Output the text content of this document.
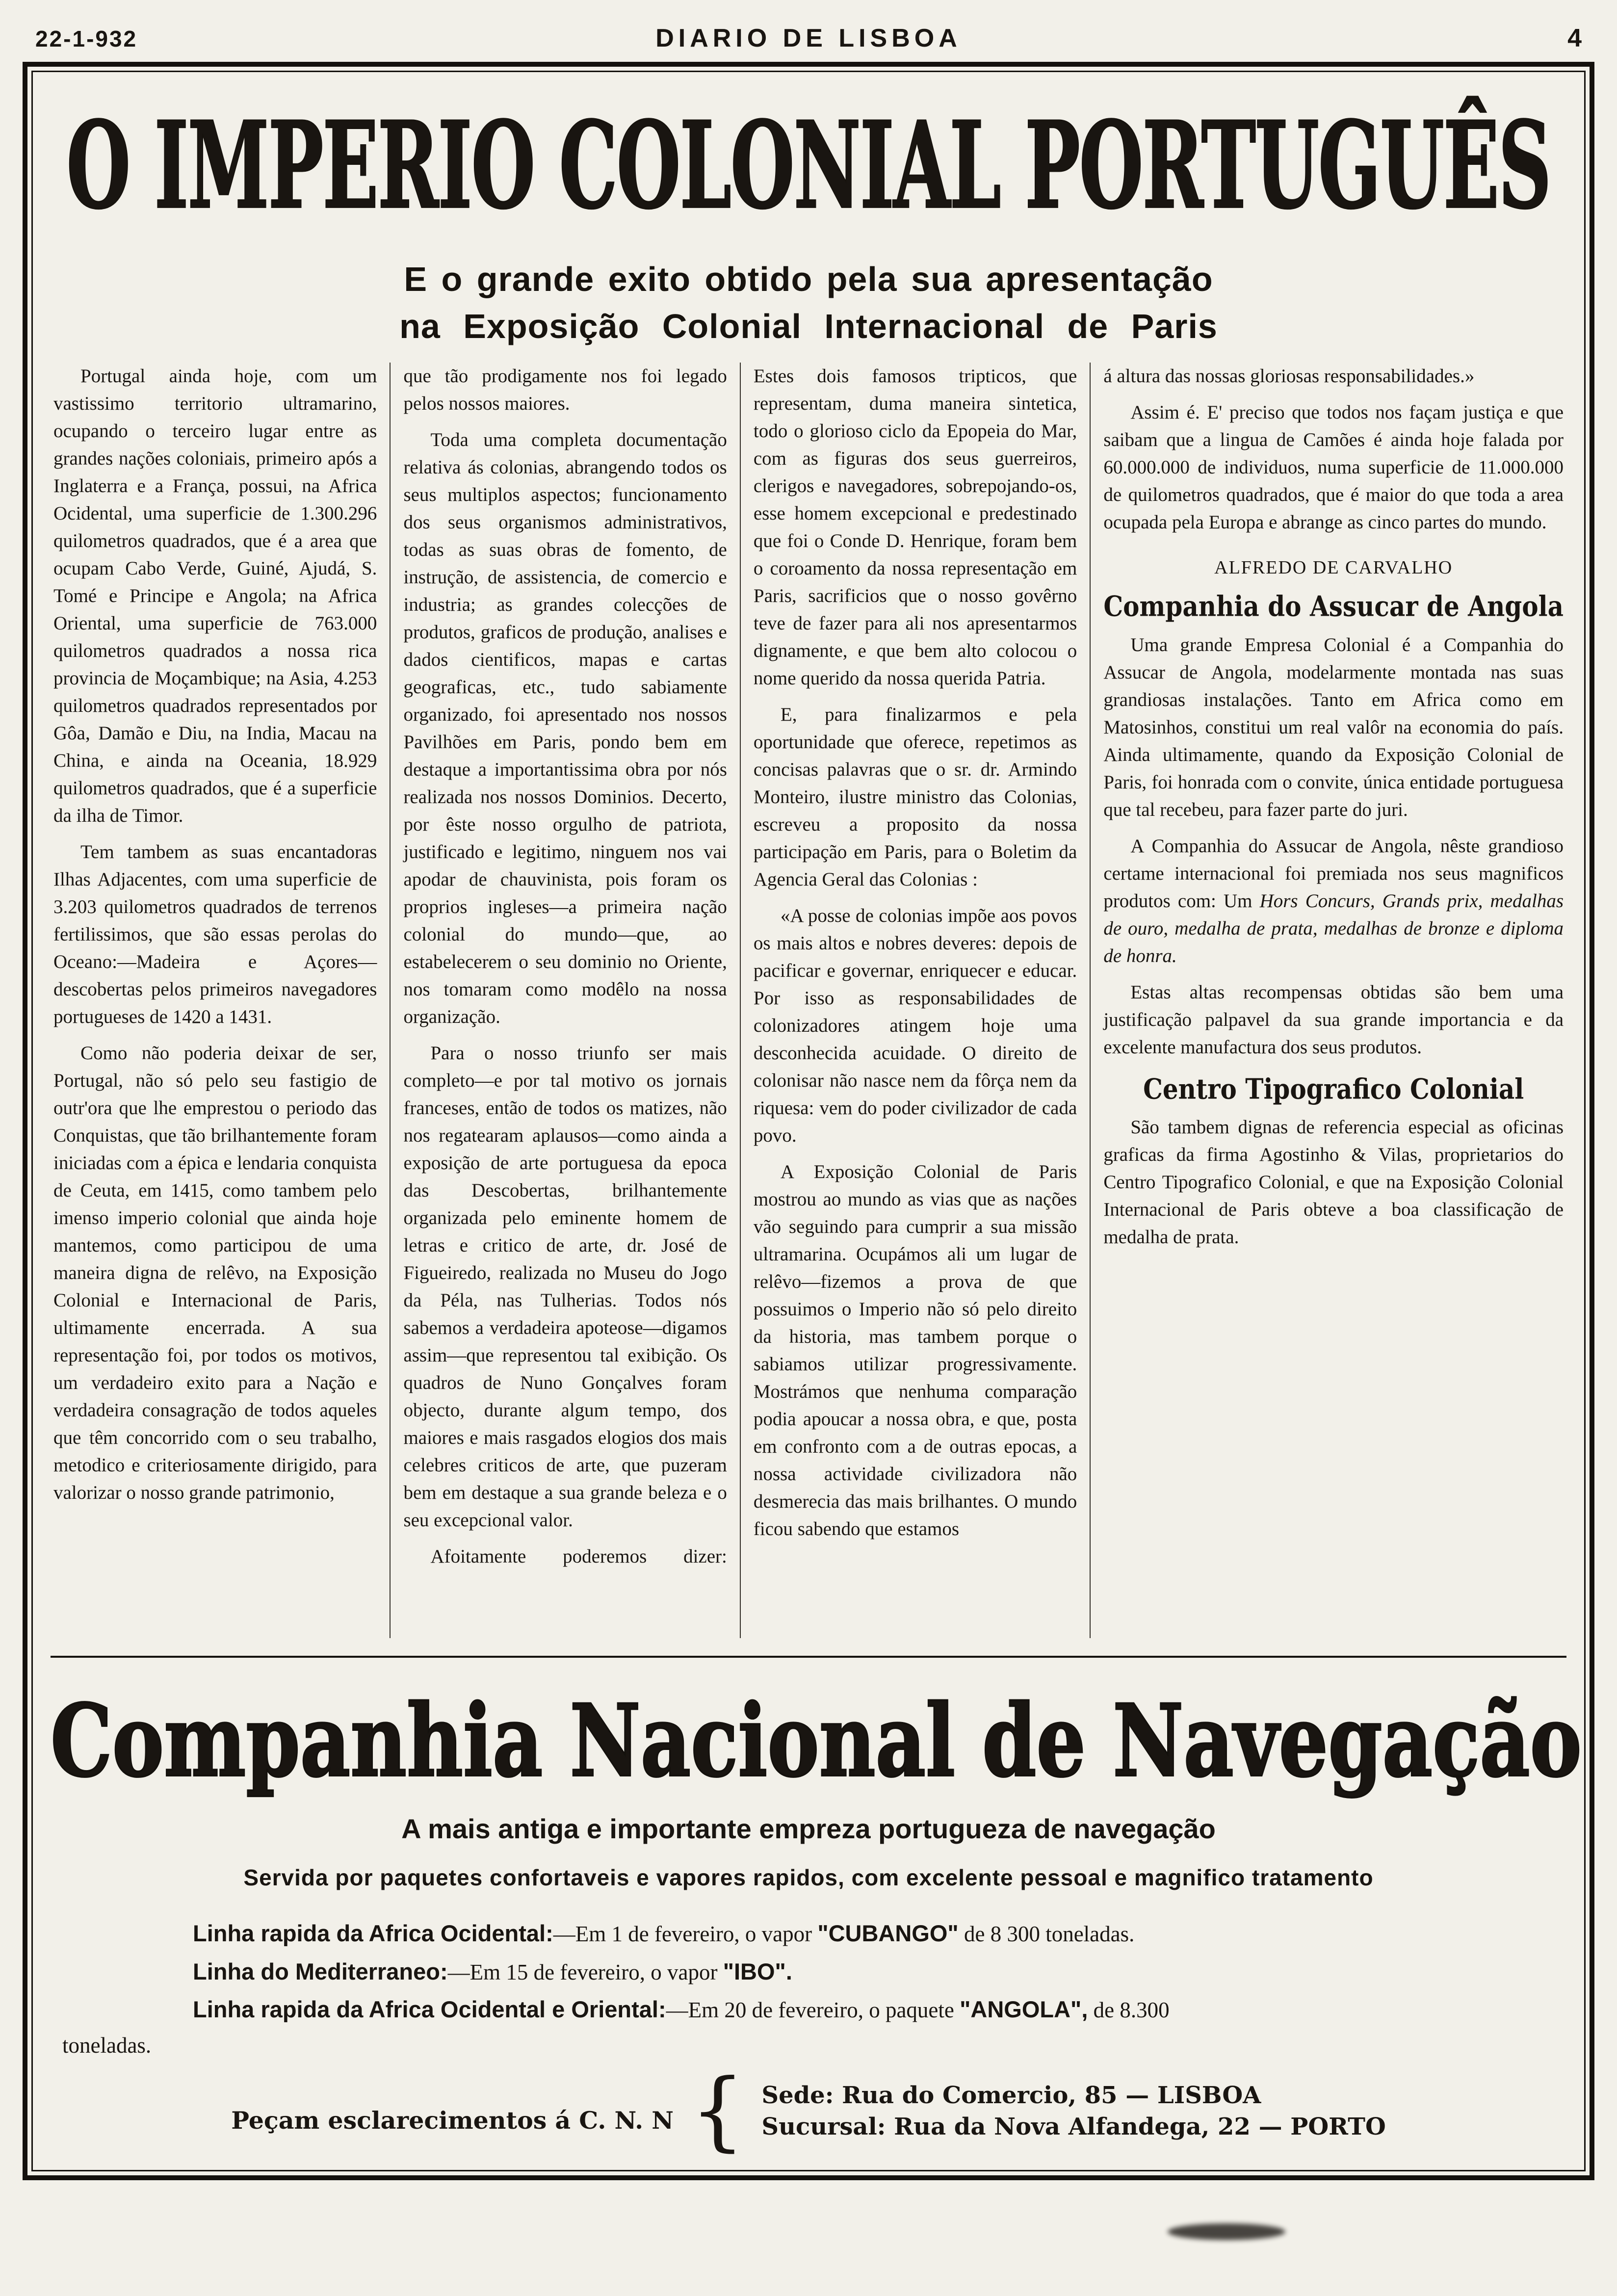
22-1-932	DIARIO DE LISBOA	4
O IMPERIO COLONIAL PORTUGUÊS
E o grande exito obtido pela sua apresentação
na Exposição Colonial Internacional de Paris

Portugal ainda hoje, com um vastissimo territorio ultramarino, ocupando o terceiro lugar entre as grandes nações coloniais, primeiro após a Inglaterra e a França, possui, na Africa Ocidental, uma superficie de 1.300.296 quilometros quadrados, que é a area que ocupam Cabo Verde, Guiné, Ajudá, S. Tomé e Principe e Angola; na Africa Oriental, uma superficie de 763.000 quilometros quadrados a nossa rica provincia de Moçambique; na Asia, 4.253 quilometros quadrados representados por Gôa, Damão e Diu, na India, Macau na China, e ainda na Oceania, 18.929 quilometros quadrados, que é a superficie da ilha de Timor.

Tem tambem as suas encantadoras Ilhas Adjacentes, com uma superficie de 3.203 quilometros quadrados de terrenos fertilissimos, que são essas perolas do Oceano:—Madeira e Açores—descobertas pelos primeiros navegadores portugueses de 1420 a 1431.

Como não poderia deixar de ser, Portugal, não só pelo seu fastigio de outr'ora que lhe emprestou o periodo das Conquistas, que tão brilhantemente foram iniciadas com a épica e lendaria conquista de Ceuta, em 1415, como tambem pelo imenso imperio colonial que ainda hoje mantemos, como participou de uma maneira digna de relêvo, na Exposição Colonial e Internacional de Paris, ultimamente encerrada. A sua representação foi, por todos os motivos, um verdadeiro exito para a Nação e verdadeira consagração de todos aqueles que têm concorrido com o seu trabalho, metodico e criteriosamente dirigido, para valorizar o nosso grande patrimonio,

que tão prodigamente nos foi legado pelos nossos maiores.

Toda uma completa documentação relativa ás colonias, abrangendo todos os seus multiplos aspectos; funcionamento dos seus organismos administrativos, todas as suas obras de fomento, de instrução, de assistencia, de comercio e industria; as grandes colecções de produtos, graficos de produção, analises e dados cientificos, mapas e cartas geograficas, etc., tudo sabiamente organizado, foi apresentado nos nossos Pavilhões em Paris, pondo bem em destaque a importantissima obra por nós realizada nos nossos Dominios. Decerto, por êste nosso orgulho de patriota, justificado e legitimo, ninguem nos vai apodar de chauvinista, pois foram os proprios ingleses—a primeira nação colonial do mundo—que, ao estabelecerem o seu dominio no Oriente, nos tomaram como modêlo na nossa organização.

Para o nosso triunfo ser mais completo—e por tal motivo os jornais franceses, então de todos os matizes, não nos regatearam aplausos—como ainda a exposição de arte portuguesa da epoca das Descobertas, brilhantemente organizada pelo eminente homem de letras e critico de arte, dr. José de Figueiredo, realizada no Museu do Jogo da Péla, nas Tulherias. Todos nós sabemos a verdadeira apoteose—digamos assim—que representou tal exibição. Os quadros de Nuno Gonçalves foram objecto, durante algum tempo, dos maiores e mais rasgados elogios dos mais celebres criticos de arte, que puzeram bem em destaque a sua grande beleza e o seu excepcional valor.

Afoitamente poderemos dizer:

Estes dois famosos tripticos, que representam, duma maneira sintetica, todo o glorioso ciclo da Epopeia do Mar, com as figuras dos seus guerreiros, clerigos e navegadores, sobrepojando-os, esse homem excepcional e predestinado que foi o Conde D. Henrique, foram bem o coroamento da nossa representação em Paris, sacrificios que o nosso govêrno teve de fazer para ali nos apresentarmos dignamente, e que bem alto colocou o nome querido da nossa querida Patria.

E, para finalizarmos e pela oportunidade que oferece, repetimos as concisas palavras que o sr. dr. Armindo Monteiro, ilustre ministro das Colonias, escreveu a proposito da nossa participação em Paris, para o Boletim da Agencia Geral das Colonias :

«A posse de colonias impõe aos povos os mais altos e nobres deveres: depois de pacificar e governar, enriquecer e educar. Por isso as responsabilidades de colonizadores atingem hoje uma desconhecida acuidade. O direito de colonisar não nasce nem da fôrça nem da riquesa: vem do poder civilizador de cada povo.

A Exposição Colonial de Paris mostrou ao mundo as vias que as nações vão seguindo para cumprir a sua missão ultramarina. Ocupámos ali um lugar de relêvo—fizemos a prova de que possuimos o Imperio não só pelo direito da historia, mas tambem porque o sabiamos utilizar progressivamente. Mostrámos que nenhuma comparação podia apoucar a nossa obra, e que, posta em confronto com a de outras epocas, a nossa actividade civilizadora não desmerecia das mais brilhantes. O mundo ficou sabendo que estamos

á altura das nossas gloriosas responsabilidades.»

Assim é. E' preciso que todos nos façam justiça e que saibam que a lingua de Camões é ainda hoje falada por 60.000.000 de individuos, numa superficie de 11.000.000 de quilometros quadrados, que é maior do que toda a area ocupada pela Europa e abrange as cinco partes do mundo.

ALFREDO DE CARVALHO
Companhia do Assucar de Angola

Uma grande Empresa Colonial é a Companhia do Assucar de Angola, modelarmente montada nas suas grandiosas instalações. Tanto em Africa como em Matosinhos, constitui um real valôr na economia do país. Ainda ultimamente, quando da Exposição Colonial de Paris, foi honrada com o convite, única entidade portuguesa que tal recebeu, para fazer parte do juri.

A Companhia do Assucar de Angola, nêste grandioso certame internacional foi premiada nos seus magnificos produtos com: Um Hors Concurs, Grands prix, medalhas de ouro, medalha de prata, medalhas de bronze e diploma de honra.

Estas altas recompensas obtidas são bem uma justificação palpavel da sua grande importancia e da excelente manufactura dos seus produtos.

Centro Tipografico Colonial

São tambem dignas de referencia especial as oficinas graficas da firma Agostinho & Vilas, proprietarios do Centro Tipografico Colonial, e que na Exposição Colonial Internacional de Paris obteve a boa classificação de medalha de prata.

Companhia Nacional de Navegação
A mais antiga e importante empreza portugueza de navegação
Servida por paquetes confortaveis e vapores rapidos, com excelente pessoal e magnifico tratamento

Linha rapida da Africa Ocidental:—Em 1 de fevereiro, o vapor "CUBANGO" de 8 300 toneladas.

Linha do Mediterraneo:—Em 15 de fevereiro, o vapor "IBO".

Linha rapida da Africa Ocidental e Oriental:—Em 20 de fevereiro, o paquete "ANGOLA", de 8.300

toneladas.

Peçam esclarecimentos á C. N. N { Sede: Rua do Comercio, 85 — LISBOA
Sucursal: Rua da Nova Alfandega, 22 — PORTO
